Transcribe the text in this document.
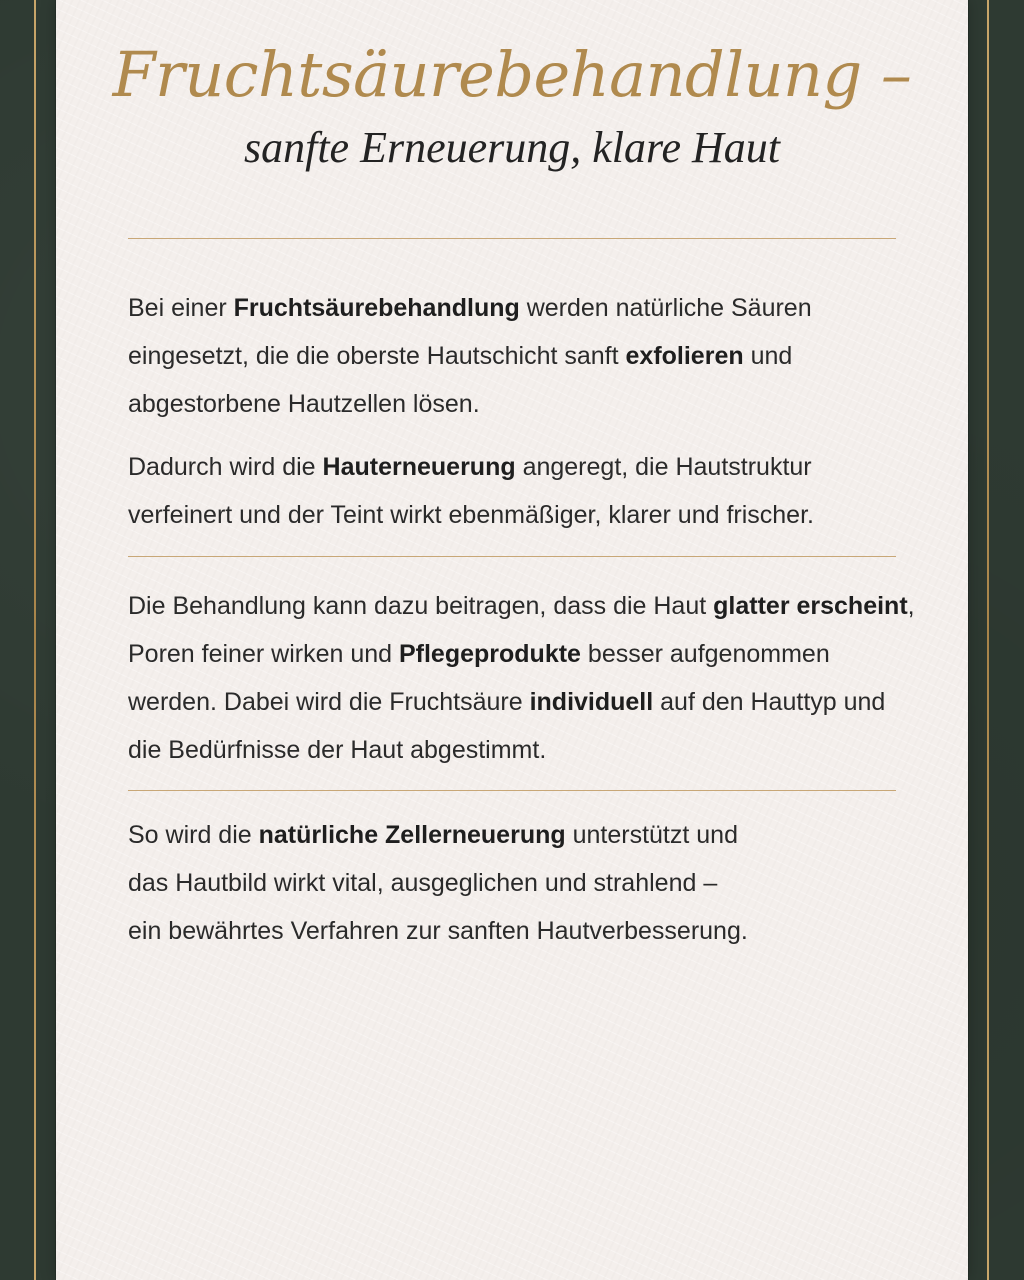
Fruchtsäurebehandlung –
sanfte Erneuerung, klare Haut

Bei einer Fruchtsäurebehandlung werden natürliche Säuren eingesetzt, die die oberste Hautschicht sanft exfolieren und abgestorbene Hautzellen lösen.

Dadurch wird die Hauterneuerung angeregt, die Hautstruktur verfeinert und der Teint wirkt ebenmäßiger, klarer und frischer.

Die Behandlung kann dazu beitragen, dass die Haut glatter erscheint, Poren feiner wirken und Pflegeprodukte besser aufgenommen werden. Dabei wird die Fruchtsäure individuell auf den Hauttyp und die Bedürfnisse der Haut abgestimmt.

So wird die natürliche Zellerneuerung unterstützt und
das Hautbild wirkt vital, ausgeglichen und strahlend –
ein bewährtes Verfahren zur sanften Hautverbesserung.
